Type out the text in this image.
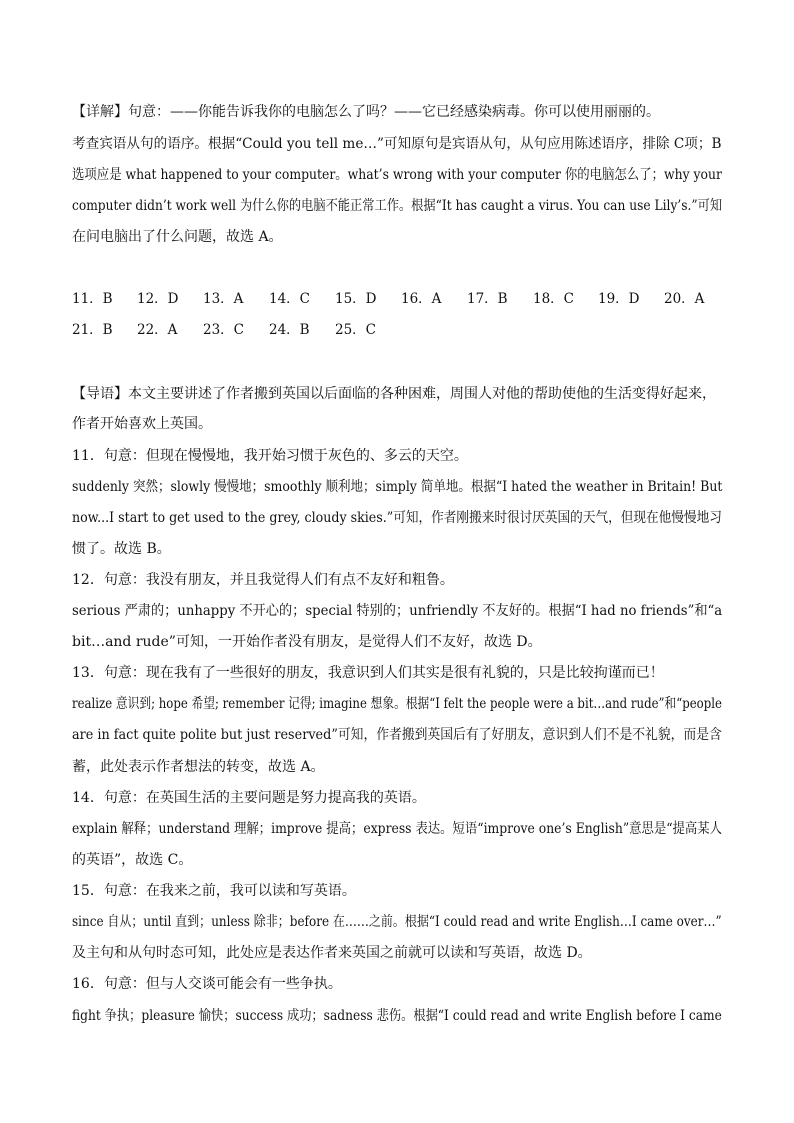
【详解】句意：——你能告诉我你的电脑怎么了吗？——它已经感染病毒。你可以使用丽丽的。
考查宾语从句的语序。根据“Could you tell me…”可知原句是宾语从句，从句应用陈述语序，排除 C项；B
选项应是 what happened to your computer。what’s wrong with your computer 你的电脑怎么了；why your
computer didn’t work well 为什么你的电脑不能正常工作。根据“It has caught a virus. You can use Lily’s.”可知
在问电脑出了什么问题，故选 A。
11．B 12．D 13．A 14．C 15．D 16．A 17．B 18．C 19．D 20．A
21．B 22．A 23．C 24．B 25．C
【导语】本文主要讲述了作者搬到英国以后面临的各种困难，周围人对他的帮助使他的生活变得好起来，
作者开始喜欢上英国。
11．句意：但现在慢慢地，我开始习惯于灰色的、多云的天空。
suddenly 突然；slowly 慢慢地；smoothly 顺利地；simply 简单地。根据“I hated the weather in Britain! But
now...I start to get used to the grey, cloudy skies.”可知，作者刚搬来时很讨厌英国的天气，但现在他慢慢地习
惯了。故选 B。
12．句意：我没有朋友，并且我觉得人们有点不友好和粗鲁。
serious 严肃的；unhappy 不开心的；special 特别的；unfriendly 不友好的。根据“I had no friends”和“a
bit…and rude”可知，一开始作者没有朋友，是觉得人们不友好，故选 D。
13．句意：现在我有了一些很好的朋友，我意识到人们其实是很有礼貌的，只是比较拘谨而已！
realize 意识到; hope 希望; remember 记得; imagine 想象。根据“I felt the people were a bit…and rude”和“people
are in fact quite polite but just reserved”可知，作者搬到英国后有了好朋友，意识到人们不是不礼貌，而是含
蓄，此处表示作者想法的转变，故选 A。
14．句意：在英国生活的主要问题是努力提高我的英语。
explain 解释；understand 理解；improve 提高；express 表达。短语“improve one’s English”意思是“提高某人
的英语”，故选 C。
15．句意：在我来之前，我可以读和写英语。
since 自从；until 直到；unless 除非；before 在……之前。根据“I could read and write English…I came over…”
及主句和从句时态可知，此处应是表达作者来英国之前就可以读和写英语，故选 D。
16．句意：但与人交谈可能会有一些争执。
fight 争执；pleasure 愉快；success 成功；sadness 悲伤。根据“I could read and write English before I came
